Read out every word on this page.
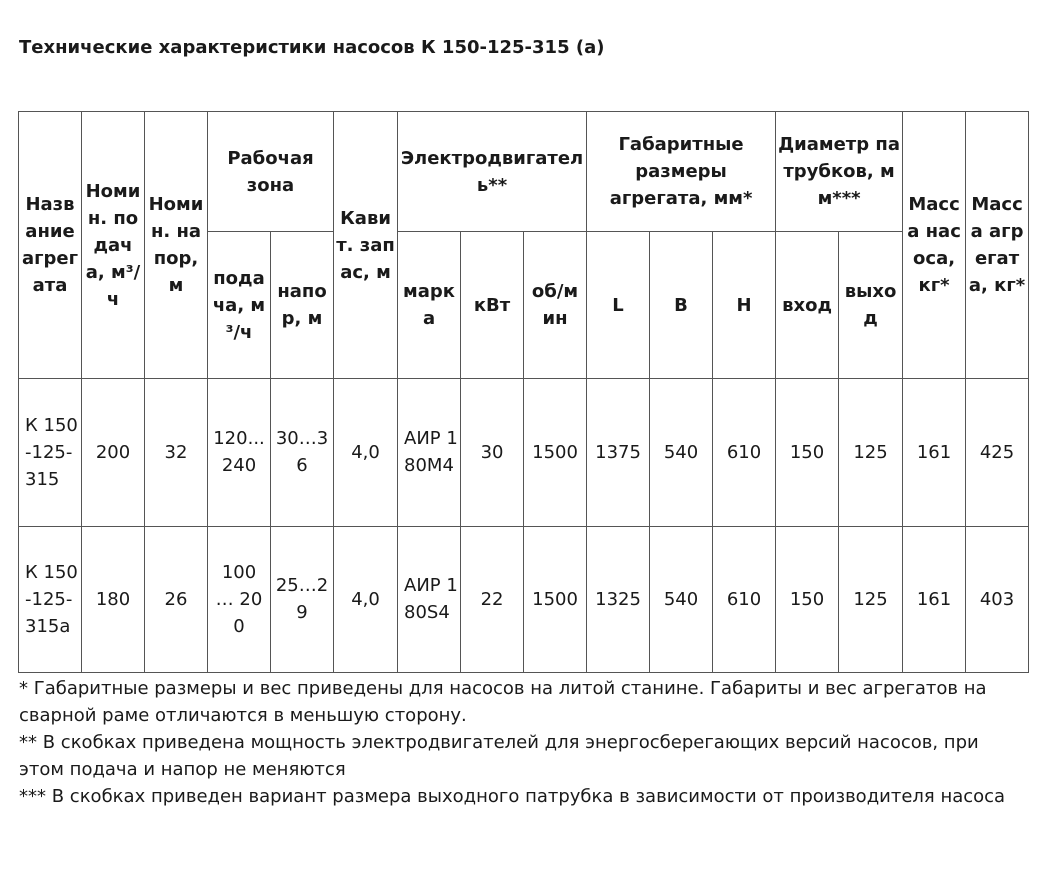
Технические характеристики насосов К 150-125-315 (а)
Название агрегата	Номин. подача, м³/ч	Номин. напор, м	Рабочая зона		Кавит. запас, м	Электродвигатель**			Габаритные размеры агрегата, мм*			Диаметр патрубков, мм***		Масса насоса, кг*	Масса агрегата, кг*
			подача, м³/ч	напор, м		марка	кВт	об/мин	L	B	H	вход	выход		
К 150-125-315	200	32	120...240	30…36	4,0	АИР 180М4	30	1500	1375	540	610	150	125	161	425
К 150-125-315а	180	26	100 … 200	25…29	4,0	АИР 180S4	22	1500	1325	540	610	150	125	161	403

* Габаритные размеры и вес приведены для насосов на литой станине. Габариты и вес агрегатов на сварной раме отличаются в меньшую сторону.

** В скобках приведена мощность электродвигателей для энергосберегающих версий насосов, при этом подача и напор не меняются

*** В скобках приведен вариант размера выходного патрубка в зависимости от производителя насоса
